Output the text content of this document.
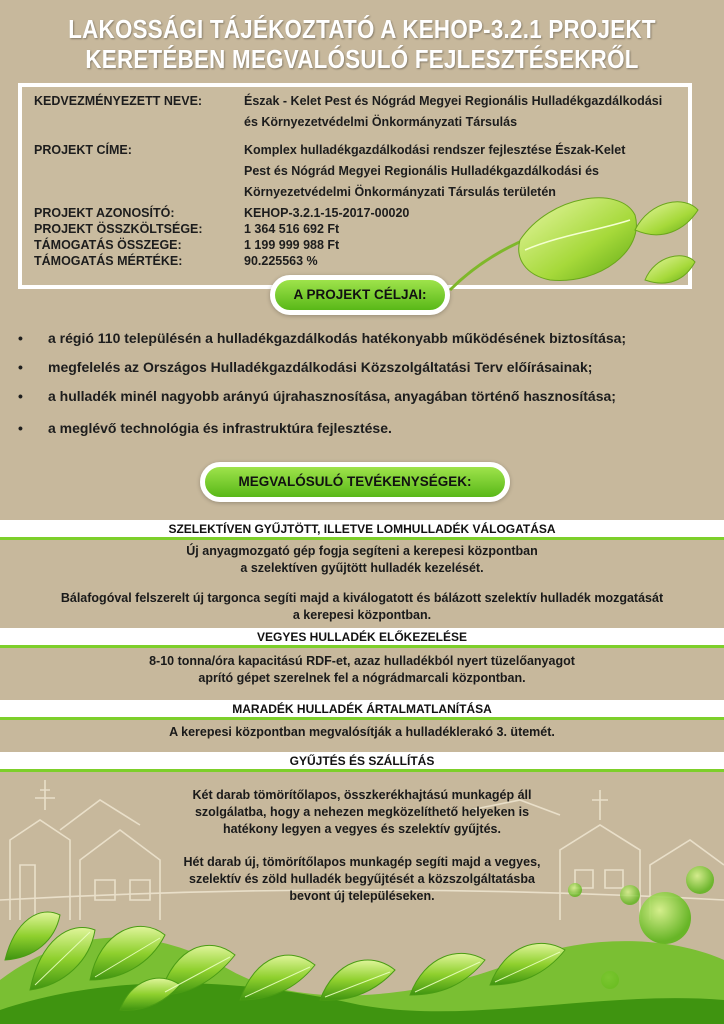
LAKOSSÁGI TÁJÉKOZTATÓ A KEHOP-3.2.1 PROJEKT
KERETÉBEN MEGVALÓSULÓ FEJLESZTÉSEKRŐL
KEDVEZMÉNYEZETT NEVE:	Észak - Kelet Pest és Nógrád Megyei Regionális Hulladékgazdálkodási
és Környezetvédelmi Önkormányzati Társulás
PROJEKT CÍME:	Komplex hulladékgazdálkodási rendszer fejlesztése Észak-Kelet
Pest és Nógrád Megyei Regionális Hulladékgazdálkodási és
Környezetvédelmi Önkormányzati Társulás területén
PROJEKT AZONOSÍTÓ:	KEHOP-3.2.1-15-2017-00020
PROJEKT ÖSSZKÖLTSÉGE:	1 364 516 692 Ft
TÁMOGATÁS ÖSSZEGE:	1 199 999 988 Ft
TÁMOGATÁS MÉRTÉKE:	90.225563 %
A PROJEKT CÉLJAI:
• a régió 110 településén a hulladékgazdálkodás hatékonyabb működésének biztosítása;
• megfelelés az Országos Hulladékgazdálkodási Közszolgáltatási Terv előírásainak;
• a hulladék minél nagyobb arányú újrahasznosítása, anyagában történő hasznosítása;
• a meglévő technológia és infrastruktúra fejlesztése.
MEGVALÓSULÓ TEVÉKENYSÉGEK:
SZELEKTÍVEN GYŰJTÖTT, ILLETVE LOMHULLADÉK VÁLOGATÁSA
Új anyagmozgató gép fogja segíteni a kerepesi központban
a szelektíven gyűjtött hulladék kezelését.
Bálafogóval felszerelt új targonca segíti majd a kiválogatott és bálázott szelektív hulladék mozgatását
a kerepesi központban.
VEGYES HULLADÉK ELŐKEZELÉSE
8-10 tonna/óra kapacitású RDF-et, azaz hulladékból nyert tüzelőanyagot
aprító gépet szerelnek fel a nógrádmarcali központban.
MARADÉK HULLADÉK ÁRTALMATLANÍTÁSA
A kerepesi központban megvalósítják a hulladéklerakó 3. ütemét.
GYŰJTÉS ÉS SZÁLLÍTÁS
Két darab tömörítőlapos, összkerékhajtású munkagép áll
szolgálatba, hogy a nehezen megközelíthető helyeken is
hatékony legyen a vegyes és szelektív gyűjtés.
Hét darab új, tömörítőlapos munkagép segíti majd a vegyes,
szelektív és zöld hulladék begyűjtését a közszolgáltatásba
bevont új településeken.
